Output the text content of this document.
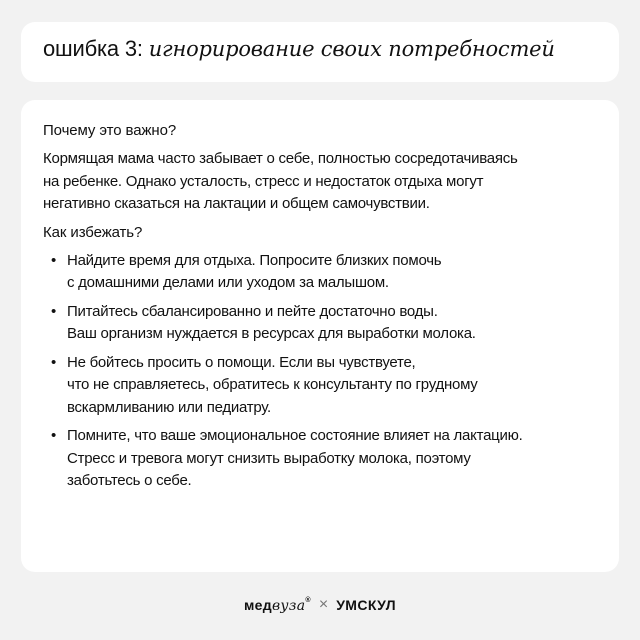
ошибка 3: игнорирование своих потребностей
Почему это важно?
Кормящая мама часто забывает о себе, полностью сосредотачиваясь
на ребенке. Однако усталость, стресс и недостаток отдыха могут
негативно сказаться на лактации и общем самочувствии.
Как избежать?
• Найдите время для отдыха. Попросите близких помочь
с домашними делами или уходом за малышом.
• Питайтесь сбалансированно и пейте достаточно воды.
Ваш организм нуждается в ресурсах для выработки молока.
• Не бойтесь просить о помощи. Если вы чувствуете,
что не справляетесь, обратитесь к консультанту по грудному
вскармливанию или педиатру.
• Помните, что ваше эмоциональное состояние влияет на лактацию.
Стресс и тревога могут снизить выработку молока, поэтому
заботьтесь о себе.
медвуза® × УМСКУЛ
